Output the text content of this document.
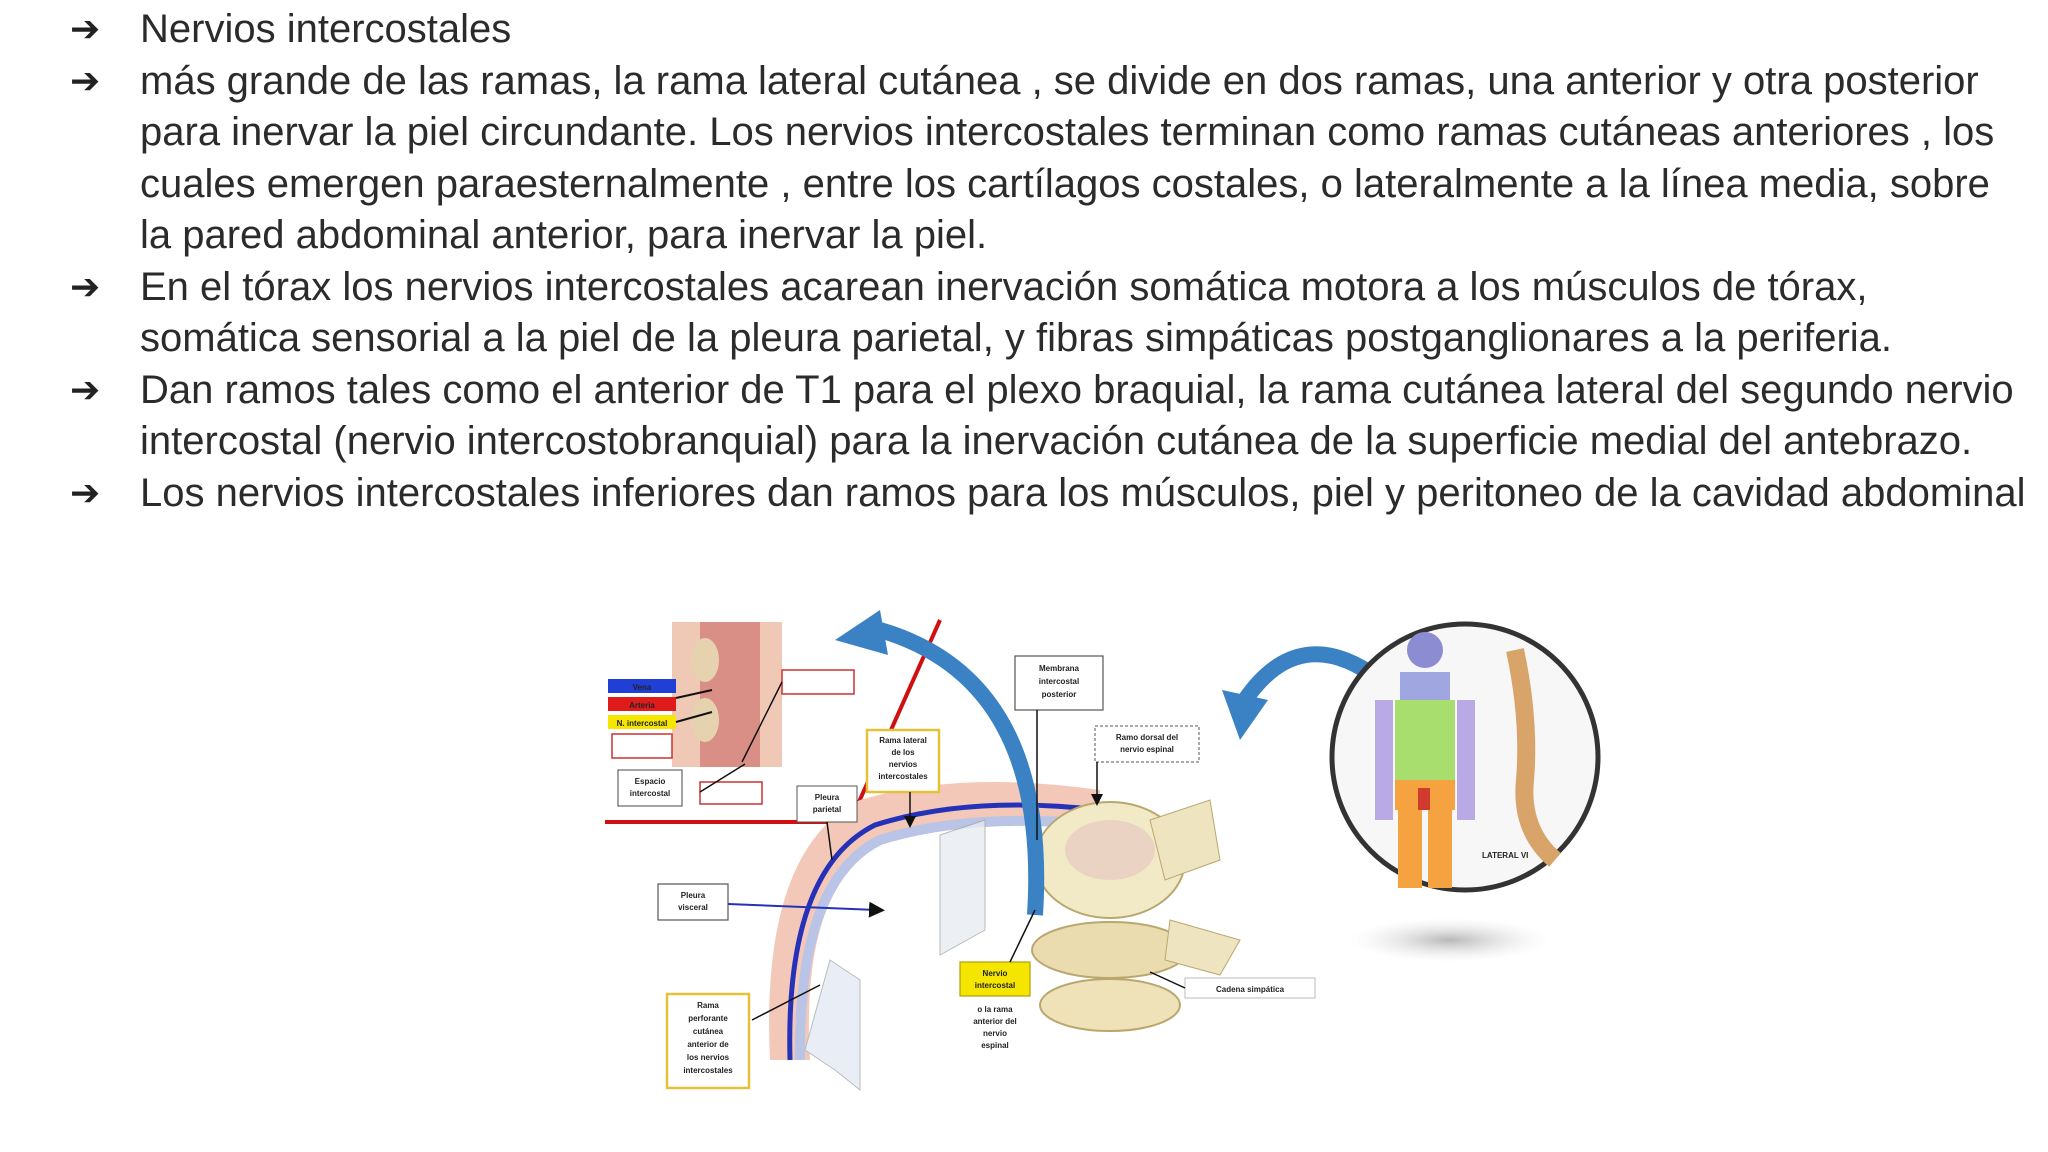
➔ Nervios intercostales
➔ más grande de las ramas, la rama lateral cutánea , se divide en dos ramas, una anterior y otra posterior para inervar la piel circundante. Los nervios intercostales terminan como ramas cutáneas anteriores , los cuales emergen paraesternalmente , entre los cartílagos costales, o lateralmente a la línea media, sobre la pared abdominal anterior, para inervar la piel.
➔ En el tórax los nervios intercostales acarean inervación somática motora a los músculos de tórax, somática sensorial a la piel de la pleura parietal, y fibras simpáticas postganglionares a la periferia.
➔ Dan ramos tales como el anterior de T1 para el plexo braquial, la rama cutánea lateral del segundo nervio intercostal (nervio intercostobranquial) para la inervación cutánea de la superficie medial del antebrazo.
➔ Los nervios intercostales inferiores dan ramos para los músculos, piel y peritoneo de la cavidad abdominal
Vena
Arteria
N. intercostal
Espacio intercostal
LATERAL VI
Membrana intercostal posterior
Ramo dorsal del nervio espinal
Rama lateral de los nervios intercostales
Pleura parietal
Pleura visceral
Rama perforante cutánea anterior de los nervios intercostales
Nervio intercostal
o la rama anterior del nervio espinal
Cadena simpática
